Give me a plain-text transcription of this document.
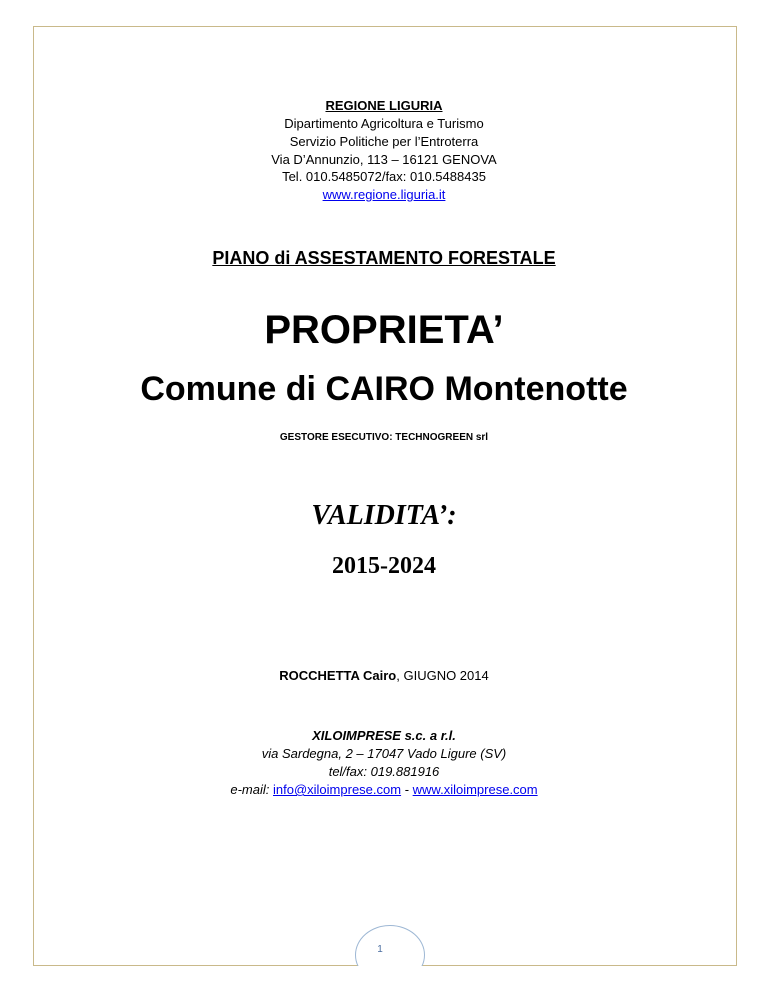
REGIONE LIGURIA
Dipartimento Agricoltura e Turismo
Servizio Politiche per l’Entroterra
Via D’Annunzio, 113 – 16121 GENOVA
Tel. 010.5485072/fax: 010.5488435
www.regione.liguria.it
PIANO di ASSESTAMENTO FORESTALE
PROPRIETA’
Comune di CAIRO Montenotte
GESTORE ESECUTIVO: TECHNOGREEN srl
VALIDITA’:
2015-2024
ROCCHETTA Cairo, GIUGNO 2014
XILOIMPRESE s.c. a r.l.
via Sardegna, 2 – 17047 Vado Ligure (SV)
tel/fax: 019.881916
e-mail: info@xiloimprese.com - www.xiloimprese.com
1
